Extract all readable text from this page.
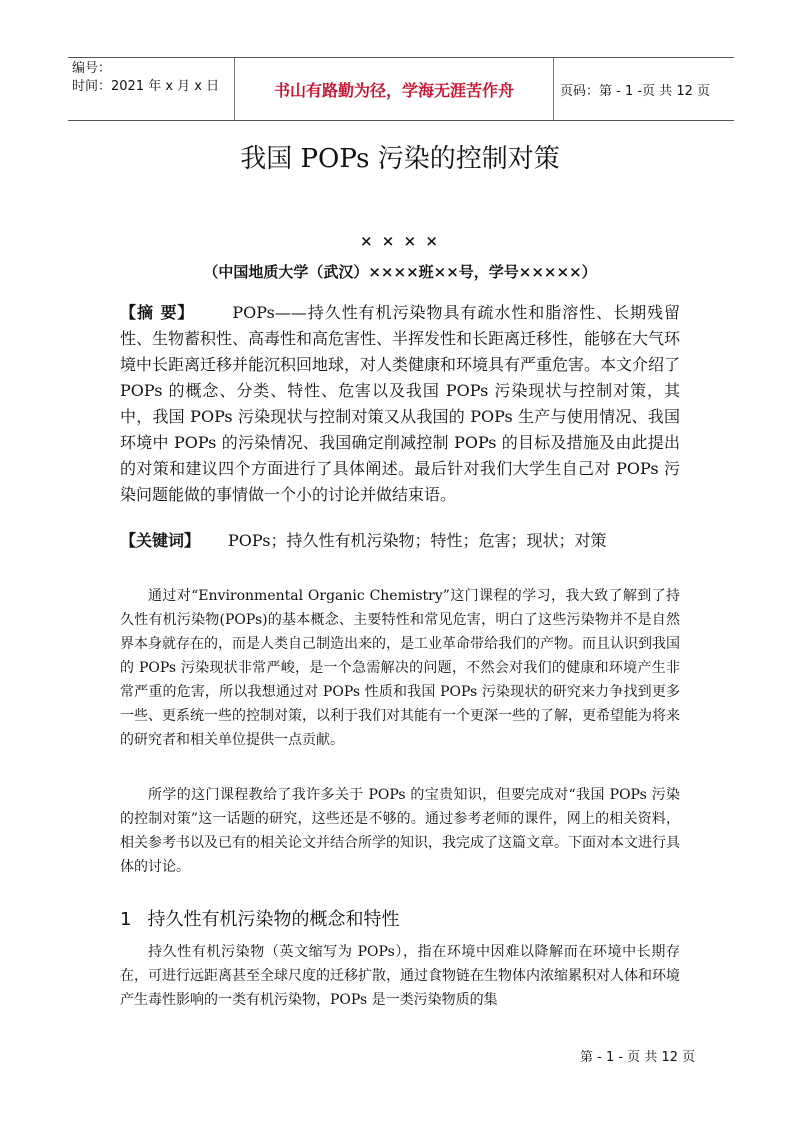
编号：
时间：2021 年 x 月 x 日	书山有路勤为径，学海无涯苦作舟	页码：第 - 1 -页 共 12 页
我国 POPs 污染的控制对策
× × × ×
（中国地质大学（武汉）××××班××号，学号×××××）
【摘 要】 POPs——持久性有机污染物具有疏水性和脂溶性、长期残留性、生物蓄积性、高毒性和高危害性、半挥发性和长距离迁移性，能够在大气环境中长距离迁移并能沉积回地球，对人类健康和环境具有严重危害。本文介绍了 POPs 的概念、分类、特性、危害以及我国 POPs 污染现状与控制对策，其中，我国 POPs 污染现状与控制对策又从我国的 POPs 生产与使用情况、我国环境中 POPs 的污染情况、我国确定削减控制 POPs 的目标及措施及由此提出的对策和建议四个方面进行了具体阐述。最后针对我们大学生自己对 POPs 污染问题能做的事情做一个小的讨论并做结束语。
【关键词】 POPs；持久性有机污染物；特性；危害；现状；对策

通过对“Environmental Organic Chemistry”这门课程的学习，我大致了解到了持久性有机污染物(POPs)的基本概念、主要特性和常见危害，明白了这些污染物并不是自然界本身就存在的，而是人类自己制造出来的，是工业革命带给我们的产物。而且认识到我国的 POPs 污染现状非常严峻，是一个急需解决的问题，不然会对我们的健康和环境产生非常严重的危害，所以我想通过对 POPs 性质和我国 POPs 污染现状的研究来力争找到更多一些、更系统一些的控制对策，以利于我们对其能有一个更深一些的了解，更希望能为将来的研究者和相关单位提供一点贡献。

所学的这门课程教给了我许多关于 POPs 的宝贵知识，但要完成对“我国 POPs 污染的控制对策”这一话题的研究，这些还是不够的。通过参考老师的课件，网上的相关资料，相关参考书以及已有的相关论文并结合所学的知识，我完成了这篇文章。下面对本文进行具体的讨论。

1 持久性有机污染物的概念和特性

持久性有机污染物（英文缩写为 POPs），指在环境中因难以降解而在环境中长期存在，可进行远距离甚至全球尺度的迁移扩散，通过食物链在生物体内浓缩累积对人体和环境产生毒性影响的一类有机污染物，POPs 是一类污染物质的集

第 - 1 - 页 共 12 页
